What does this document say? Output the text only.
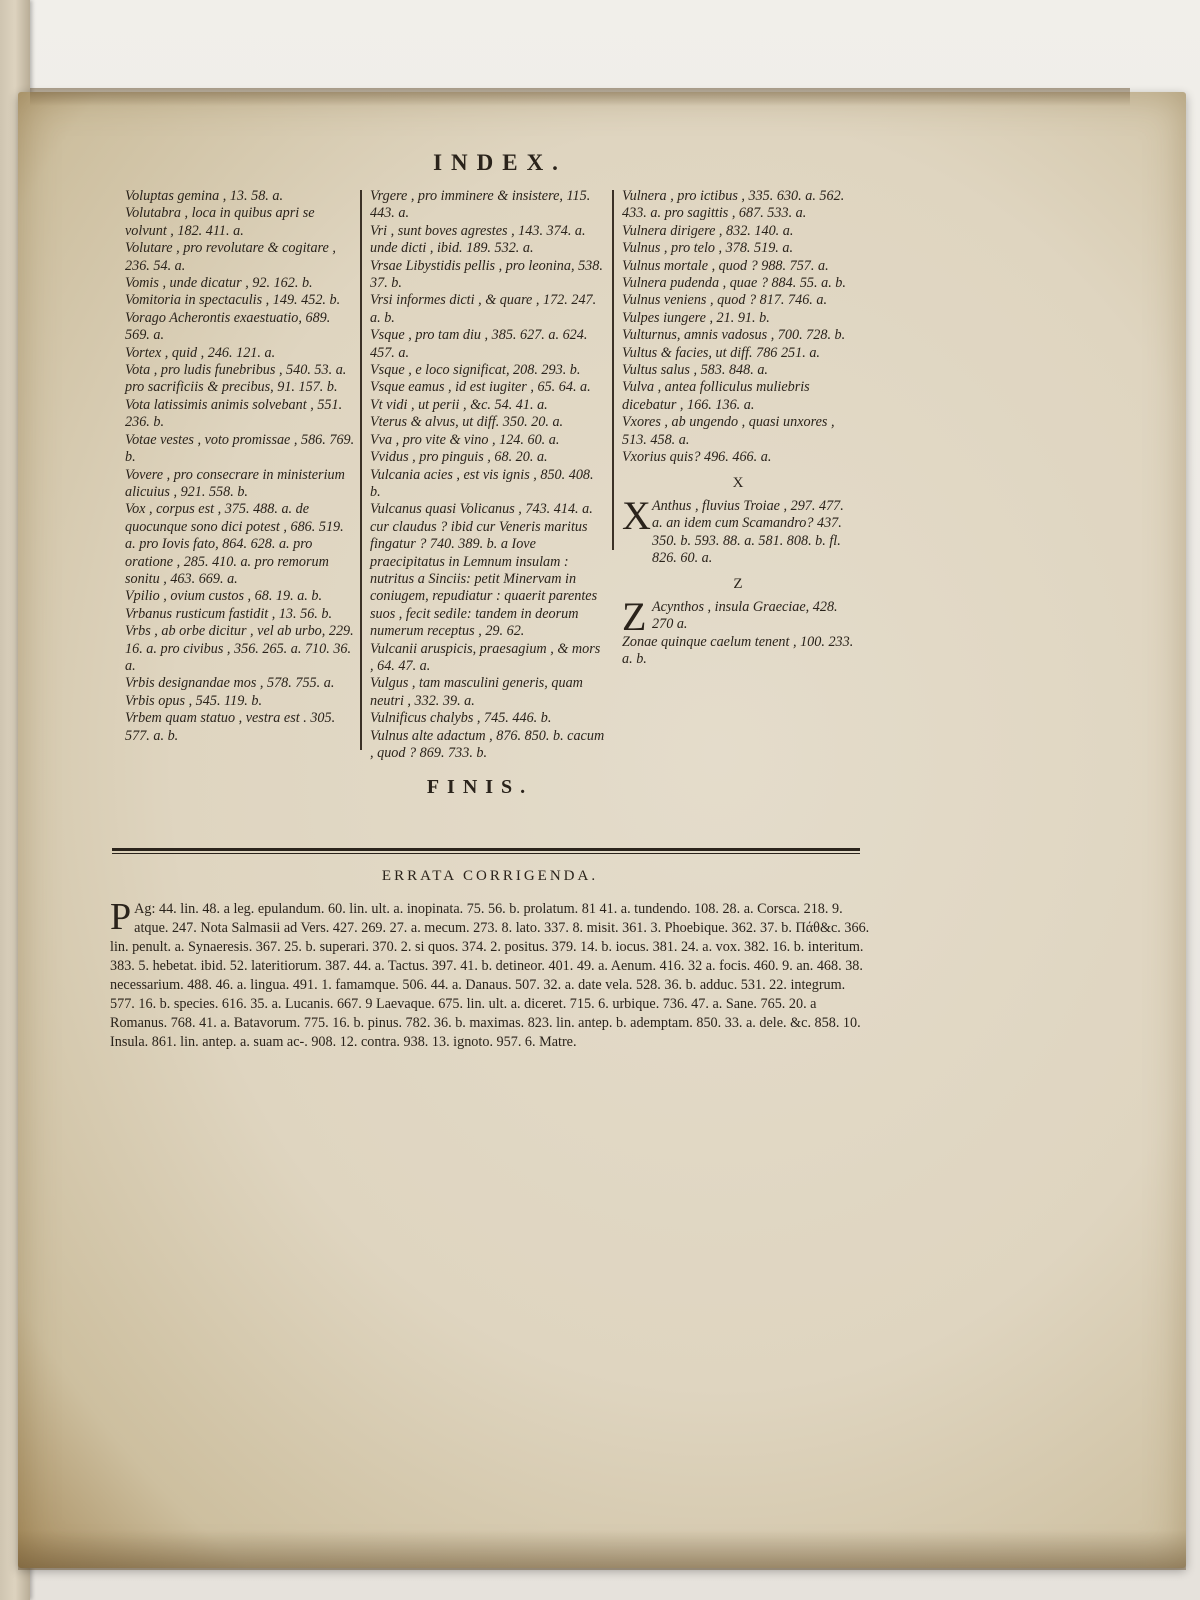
INDEX.

Voluptas gemina , 13. 58. a.

Volutabra , loca in quibus apri se volvunt , 182. 411. a.

Volutare , pro revolutare & cogitare , 236. 54. a.

Vomis , unde dicatur , 92. 162. b.

Vomitoria in spectaculis , 149. 452. b.

Vorago Acherontis exaestuatio, 689. 569. a.

Vortex , quid , 246. 121. a.

Vota , pro ludis funebribus , 540. 53. a. pro sacrificiis & precibus, 91. 157. b.

Vota latissimis animis solvebant , 551. 236. b.

Votae vestes , voto promissae , 586. 769. b.

Vovere , pro consecrare in ministerium alicuius , 921. 558. b.

Vox , corpus est , 375. 488. a. de quocunque sono dici potest , 686. 519. a. pro Iovis fato, 864. 628. a. pro oratione , 285. 410. a. pro remorum sonitu , 463. 669. a.

Vpilio , ovium custos , 68. 19. a. b.

Vrbanus rusticum fastidit , 13. 56. b.

Vrbs , ab orbe dicitur , vel ab urbo, 229. 16. a. pro civibus , 356. 265. a. 710. 36. a.

Vrbis designandae mos , 578. 755. a.

Vrbis opus , 545. 119. b.

Vrbem quam statuo , vestra est . 305. 577. a. b.

Vrgere , pro imminere & insistere, 115. 443. a.

Vri , sunt boves agrestes , 143. 374. a. unde dicti , ibid. 189. 532. a.

Vrsae Libystidis pellis , pro leonina, 538. 37. b.

Vrsi informes dicti , & quare , 172. 247. a. b.

Vsque , pro tam diu , 385. 627. a. 624. 457. a.

Vsque , e loco significat, 208. 293. b.

Vsque eamus , id est iugiter , 65. 64. a.

Vt vidi , ut perii , &c. 54. 41. a.

Vterus & alvus, ut diff. 350. 20. a.

Vva , pro vite & vino , 124. 60. a.

Vvidus , pro pinguis , 68. 20. a.

Vulcania acies , est vis ignis , 850. 408. b.

Vulcanus quasi Volicanus , 743. 414. a. cur claudus ? ibid cur Veneris maritus fingatur ? 740. 389. b. a Iove praecipitatus in Lemnum insulam : nutritus a Sinciis: petit Minervam in coniugem, repudiatur : quaerit parentes suos , fecit sedile: tandem in deorum numerum receptus , 29. 62.

Vulcanii aruspicis, praesagium , & mors , 64. 47. a.

Vulgus , tam masculini generis, quam neutri , 332. 39. a.

Vulnificus chalybs , 745. 446. b.

Vulnus alte adactum , 876. 850. b. cacum , quod ? 869. 733. b.

Vulnera , pro ictibus , 335. 630. a. 562. 433. a. pro sagittis , 687. 533. a.

Vulnera dirigere , 832. 140. a.

Vulnus , pro telo , 378. 519. a.

Vulnus mortale , quod ? 988. 757. a.

Vulnera pudenda , quae ? 884. 55. a. b.

Vulnus veniens , quod ? 817. 746. a.

Vulpes iungere , 21. 91. b.

Vulturnus, amnis vadosus , 700. 728. b.

Vultus & facies, ut diff. 786 251. a.

Vultus salus , 583. 848. a.

Vulva , antea folliculus muliebris dicebatur , 166. 136. a.

Vxores , ab ungendo , quasi unxores , 513. 458. a.

Vxorius quis? 496. 466. a.

X
X Anthus , fluvius Troiae , 297. 477. a. an idem cum Scamandro? 437. 350. b. 593. 88. a. 581. 808. b. fl. 826. 60. a.
Z
Z Acynthos , insula Graeciae, 428. 270 a.

Zonae quinque caelum tenent , 100. 233. a. b.

FINIS.
ERRATA CORRIGENDA.
P Ag: 44. lin. 48. a leg. epulandum. 60. lin. ult. a. inopinata. 75. 56. b. prolatum. 81 41. a. tundendo. 108. 28. a. Corsca. 218. 9. atque. 247. Nota Salmasii ad Vers. 427. 269. 27. a. mecum. 273. 8. lato. 337. 8. misit. 361. 3. Phoebique. 362. 37. b. Πάθ&c. 366. lin. penult. a. Synaeresis. 367. 25. b. superari. 370. 2. si quos. 374. 2. positus. 379. 14. b. iocus. 381. 24. a. vox. 382. 16. b. interitum. 383. 5. hebetat. ibid. 52. lateritiorum. 387. 44. a. Tactus. 397. 41. b. detineor. 401. 49. a. Aenum. 416. 32 a. focis. 460. 9. an. 468. 38. necessarium. 488. 46. a. lingua. 491. 1. famamque. 506. 44. a. Danaus. 507. 32. a. date vela. 528. 36. b. adduc. 531. 22. integrum. 577. 16. b. species. 616. 35. a. Lucanis. 667. 9 Laevaque. 675. lin. ult. a. diceret. 715. 6. urbique. 736. 47. a. Sane. 765. 20. a Romanus. 768. 41. a. Batavorum. 775. 16. b. pinus. 782. 36. b. maximas. 823. lin. antep. b. ademptam. 850. 33. a. dele. &c. 858. 10. Insula. 861. lin. antep. a. suam ac-. 908. 12. contra. 938. 13. ignoto. 957. 6. Matre.
